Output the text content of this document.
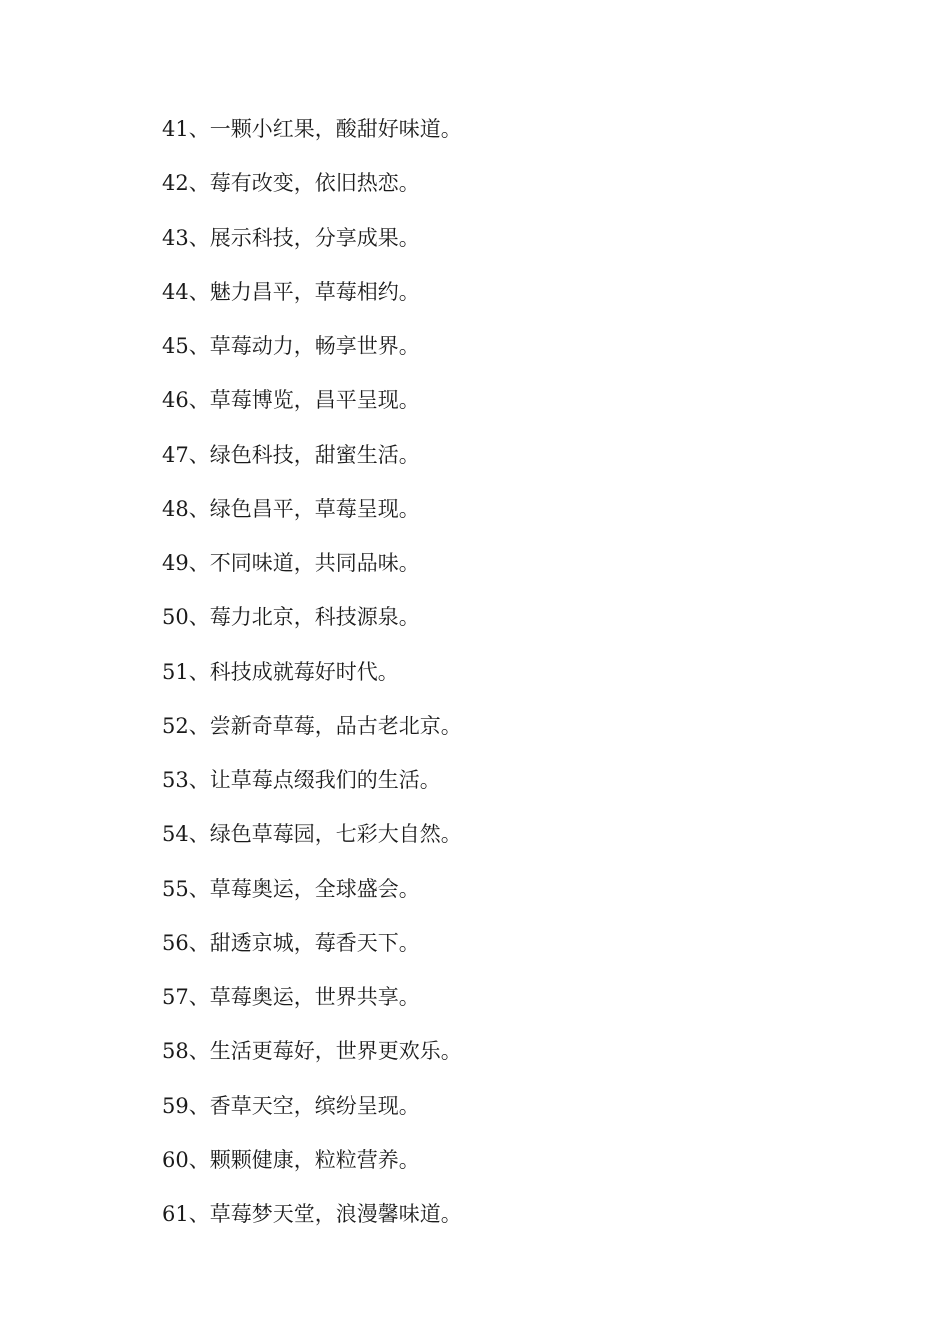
41、一颗小红果，酸甜好味道。
42、莓有改变，依旧热恋。
43、展示科技，分享成果。
44、魅力昌平，草莓相约。
45、草莓动力，畅享世界。
46、草莓博览，昌平呈现。
47、绿色科技，甜蜜生活。
48、绿色昌平，草莓呈现。
49、不同味道，共同品味。
50、莓力北京，科技源泉。
51、科技成就莓好时代。
52、尝新奇草莓，品古老北京。
53、让草莓点缀我们的生活。
54、绿色草莓园，七彩大自然。
55、草莓奥运，全球盛会。
56、甜透京城，莓香天下。
57、草莓奥运，世界共享。
58、生活更莓好，世界更欢乐。
59、香草天空，缤纷呈现。
60、颗颗健康，粒粒营养。
61、草莓梦天堂，浪漫馨味道。
